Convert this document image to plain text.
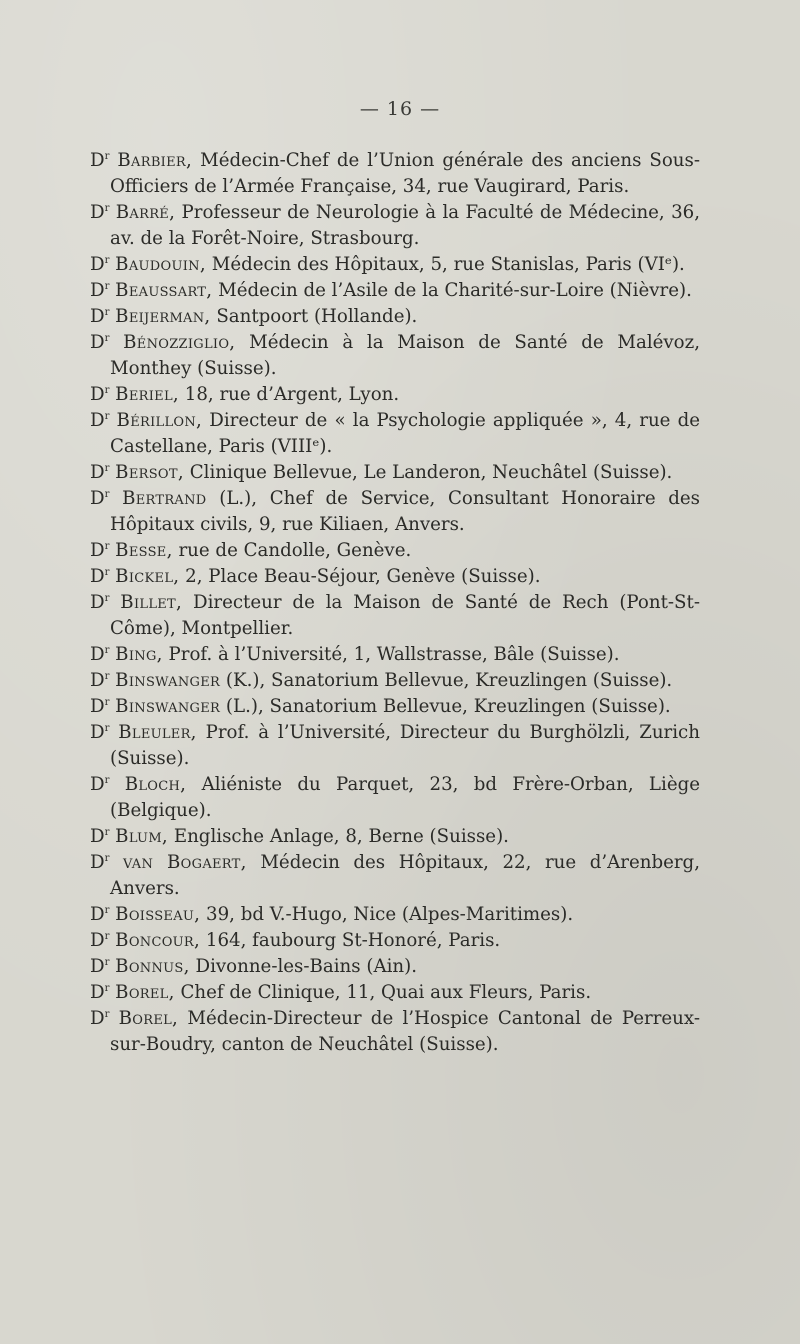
— 16 —

$D^r$ Barbier, Médecin-Chef de l’Union générale des anciens Sous-Officiers de l’Armée Française, 34, rue Vaugirard, Paris.

$D^r$ Barré, Professeur de Neurologie à la Faculté de Médecine, 36, av. de la Forêt-Noire, Strasbourg.

$D^r$ Baudouin, Médecin des Hôpitaux, 5, rue Stanislas, Paris (VIᵉ).

$D^r$ Beaussart, Médecin de l’Asile de la Charité-sur-Loire (Nièvre).

$D^r$ Beijerman, Santpoort (Hollande).

$D^r$ Bénozziglio, Médecin à la Maison de Santé de Malévoz, Monthey (Suisse).

$D^r$ Beriel, 18, rue d’Argent, Lyon.

$D^r$ Bérillon, Directeur de « la Psychologie appliquée », 4, rue de Castellane, Paris (VIIIᵉ).

$D^r$ Bersot, Clinique Bellevue, Le Landeron, Neuchâtel (Suisse).

$D^r$ Bertrand (L.), Chef de Service, Consultant Honoraire des Hôpitaux civils, 9, rue Kiliaen, Anvers.

$D^r$ Besse, rue de Candolle, Genève.

$D^r$ Bickel, 2, Place Beau-Séjour, Genève (Suisse).

$D^r$ Billet, Directeur de la Maison de Santé de Rech (Pont-St-Côme), Montpellier.

$D^r$ Bing, Prof. à l’Université, 1, Wallstrasse, Bâle (Suisse).

$D^r$ Binswanger (K.), Sanatorium Bellevue, Kreuzlingen (Suisse).

$D^r$ Binswanger (L.), Sanatorium Bellevue, Kreuzlingen (Suisse).

$D^r$ Bleuler, Prof. à l’Université, Directeur du Burghölzli, Zurich (Suisse).

$D^r$ Bloch, Aliéniste du Parquet, 23, bd Frère-Orban, Liège (Belgique).

$D^r$ Blum, Englische Anlage, 8, Berne (Suisse).

$D^r$ van Bogaert, Médecin des Hôpitaux, 22, rue d’Arenberg, Anvers.

$D^r$ Boisseau, 39, bd V.-Hugo, Nice (Alpes-Maritimes).

$D^r$ Boncour, 164, faubourg St-Honoré, Paris.

$D^r$ Bonnus, Divonne-les-Bains (Ain).

$D^r$ Borel, Chef de Clinique, 11, Quai aux Fleurs, Paris.

$D^r$ Borel, Médecin-Directeur de l’Hospice Cantonal de Perreux-sur-Boudry, canton de Neuchâtel (Suisse).
